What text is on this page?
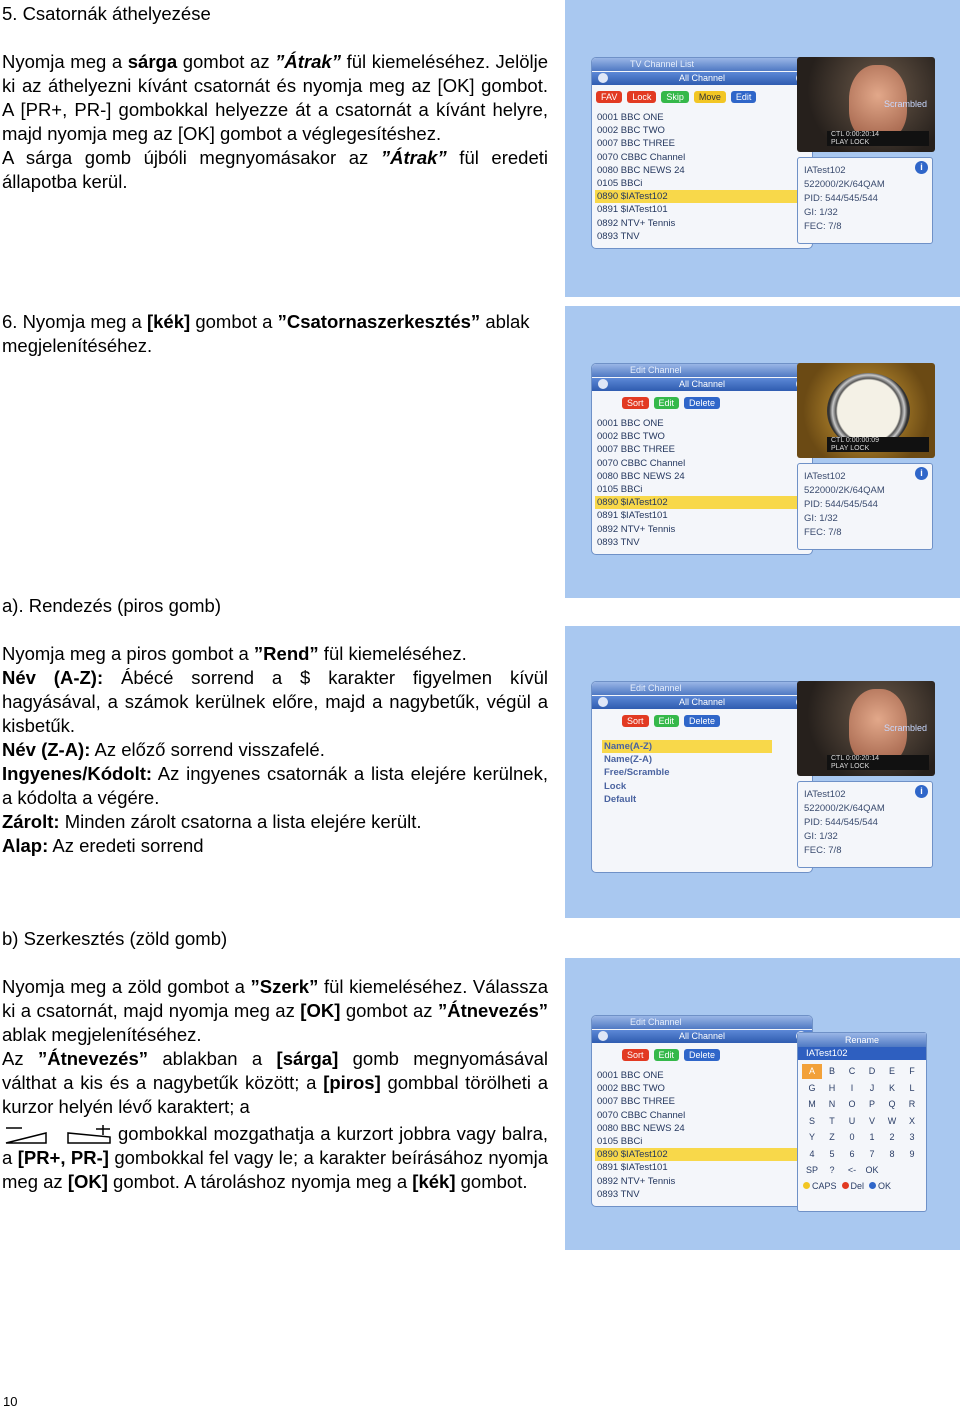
5. Csatornák áthelyezése

Nyomja meg a sárga gombot az ”Átrak” fül kiemeléséhez. Jelölje ki az áthelyezni kívánt csatornát és nyomja meg az [OK] gombot. A [PR+, PR-] gombokkal helyezze át a csatornát a kívánt helyre, majd nyomja meg az [OK] gombot a véglegesítéshez.

A sárga gomb újbóli megnyomásakor az ”Átrak” fül eredeti állapotba kerül.

6. Nyomja meg a [kék] gombot a ”Csatornaszerkesztés” ablak megjelenítéséhez.

a). Rendezés (piros gomb)

Nyomja meg a piros gombot a ”Rend” fül kiemeléséhez.

Név (A-Z): Ábécé sorrend a $ karakter figyelmen kívül hagyásával, a számok kerülnek előre, majd a nagybetűk, végül a kisbetűk.

Név (Z-A): Az előző sorrend visszafelé.

Ingyenes/Kódolt: Az ingyenes csatornák a lista elejére kerülnek, a kódolta a végére.

Zárolt: Minden zárolt csatorna a lista elejére került.

Alap: Az eredeti sorrend

b) Szerkesztés (zöld gomb)

Nyomja meg a zöld gombot a ”Szerk” fül kiemeléséhez. Válassza ki a csatornát, majd nyomja meg az [OK] gombot az ”Átnevezés” ablak megjelenítéséhez.

Az ”Átnevezés” ablakban a [sárga] gomb megnyomásával válthat a kis és a nagybetűk között; a [piros] gombbal törölheti a kurzor helyén lévő karaktert; a

gombokkal mozgathatja a kurzort jobbra vagy balra, a [PR+, PR-] gombokkal fel vagy le; a karakter beírásához nyomja meg az [OK] gombot. A tároláshoz nyomja meg a [kék] gombot.

10
TV Channel List
All Channel
FAV Lock Skip Move Edit
0001 BBC ONE
0002 BBC TWO
0007 BBC THREE
0070 CBBC Channel
0080 BBC NEWS 24
0105 BBCi
0890 $IATest102
0891 $IATest101
0892 NTV+ Tennis
0893 TNV
Scrambled
CTL 0:00:20:14
PLAY LOCK
i
IATest102
522000/2K/64QAM
PID: 544/545/544
GI: 1/32
FEC: 7/8
Edit Channel
All Channel
Sort Edit Delete
0001 BBC ONE
0002 BBC TWO
0007 BBC THREE
0070 CBBC Channel
0080 BBC NEWS 24
0105 BBCi
0890 $IATest102
0891 $IATest101
0892 NTV+ Tennis
0893 TNV
CTL 0:00:00:09
PLAY LOCK
i
IATest102
522000/2K/64QAM
PID: 544/545/544
GI: 1/32
FEC: 7/8
Edit Channel
All Channel
Sort Edit Delete
Name(A-Z)
Name(Z-A)
Free/Scramble
Lock
Default
Scrambled
CTL 0:00:20:14
PLAY LOCK
i
IATest102
522000/2K/64QAM
PID: 544/545/544
GI: 1/32
FEC: 7/8
Edit Channel
All Channel
Sort Edit Delete
0001 BBC ONE
0002 BBC TWO
0007 BBC THREE
0070 CBBC Channel
0080 BBC NEWS 24
0105 BBCi
0890 $IATest102
0891 $IATest101
0892 NTV+ Tennis
0893 TNV
Rename
IATest102
A	B	C	D	E	F
G	H	I	J	K	L
M	N	O	P	Q	R
S	T	U	V	W	X
Y	Z	0	1	2	3
4	5	6	7	8	9
SP	?	<-	OK
CAPS	Del	OK
